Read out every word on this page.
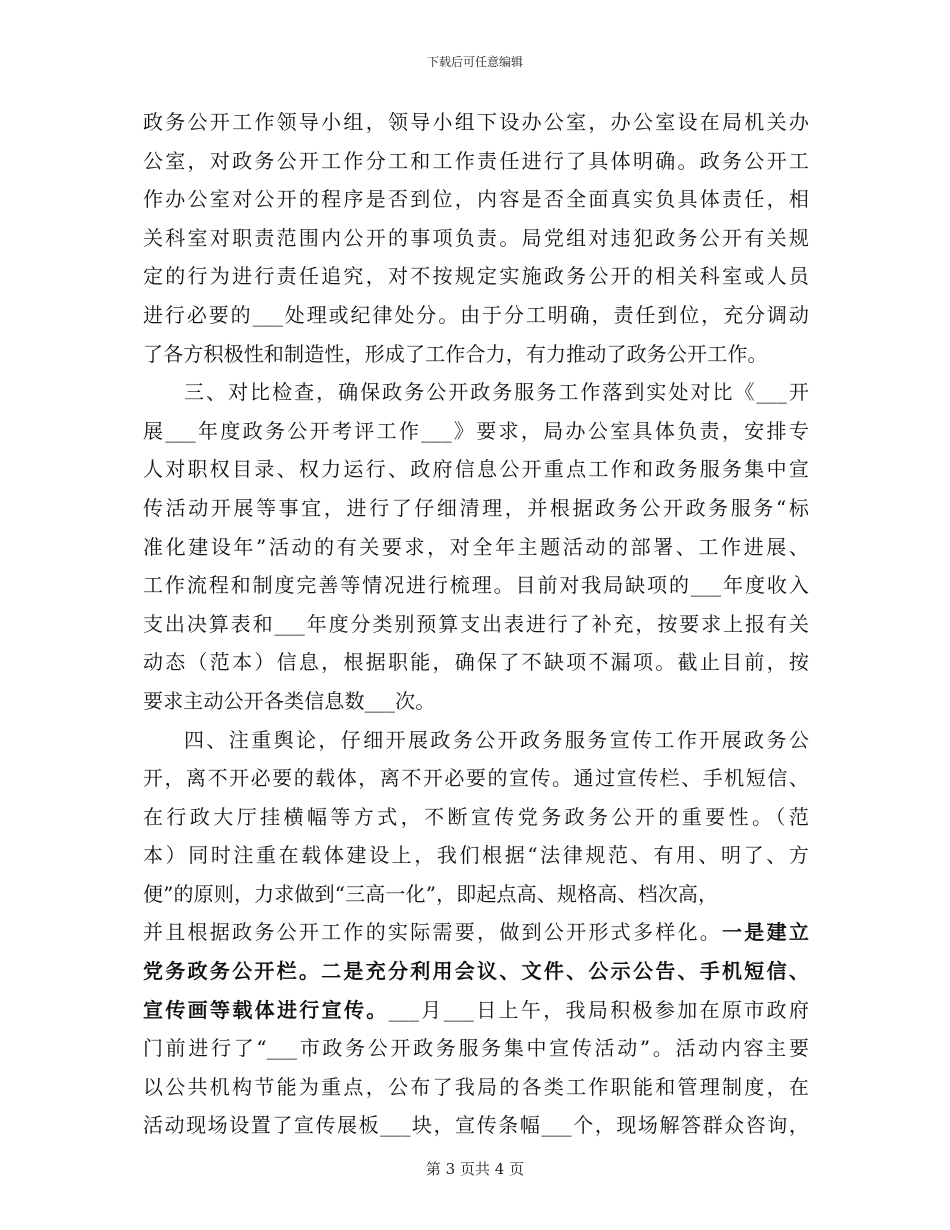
下载后可任意编辑
政务公开工作领导小组，领导小组下设办公室，办公室设在局机关办
公室，对政务公开工作分工和工作责任进行了具体明确。政务公开工
作办公室对公开的程序是否到位，内容是否全面真实负具体责任，相
关科室对职责范围内公开的事项负责。局党组对违犯政务公开有关规
定的行为进行责任追究，对不按规定实施政务公开的相关科室或人员
进行必要的___处理或纪律处分。由于分工明确，责任到位，充分调动
了各方积极性和制造性，形成了工作合力，有力推动了政务公开工作。
三、对比检查，确保政务公开政务服务工作落到实处对比《___开
展___年度政务公开考评工作___》要求，局办公室具体负责，安排专
人对职权目录、权力运行、政府信息公开重点工作和政务服务集中宣
传活动开展等事宜，进行了仔细清理，并根据政务公开政务服务“标
准化建设年”活动的有关要求，对全年主题活动的部署、工作进展、
工作流程和制度完善等情况进行梳理。目前对我局缺项的___年度收入
支出决算表和___年度分类别预算支出表进行了补充，按要求上报有关
动态（范本）信息，根据职能，确保了不缺项不漏项。截止目前，按
要求主动公开各类信息数___次。
四、注重舆论，仔细开展政务公开政务服务宣传工作开展政务公
开，离不开必要的载体，离不开必要的宣传。通过宣传栏、手机短信、
在行政大厅挂横幅等方式，不断宣传党务政务公开的重要性。（范
本）同时注重在载体建设上，我们根据“法律规范、有用、明了、方
便”的原则，力求做到“三高一化”，即起点高、规格高、档次高，
并且根据政务公开工作的实际需要，做到公开形式多样化。一是建立
党务政务公开栏。二是充分利用会议、文件、公示公告、手机短信、
宣传画等载体进行宣传。___月___日上午，我局积极参加在原市政府
门前进行了“___市政务公开政务服务集中宣传活动”。活动内容主要
以公共机构节能为重点，公布了我局的各类工作职能和管理制度，在
活动现场设置了宣传展板___块，宣传条幅___个，现场解答群众咨询，
第 3 页共 4 页
